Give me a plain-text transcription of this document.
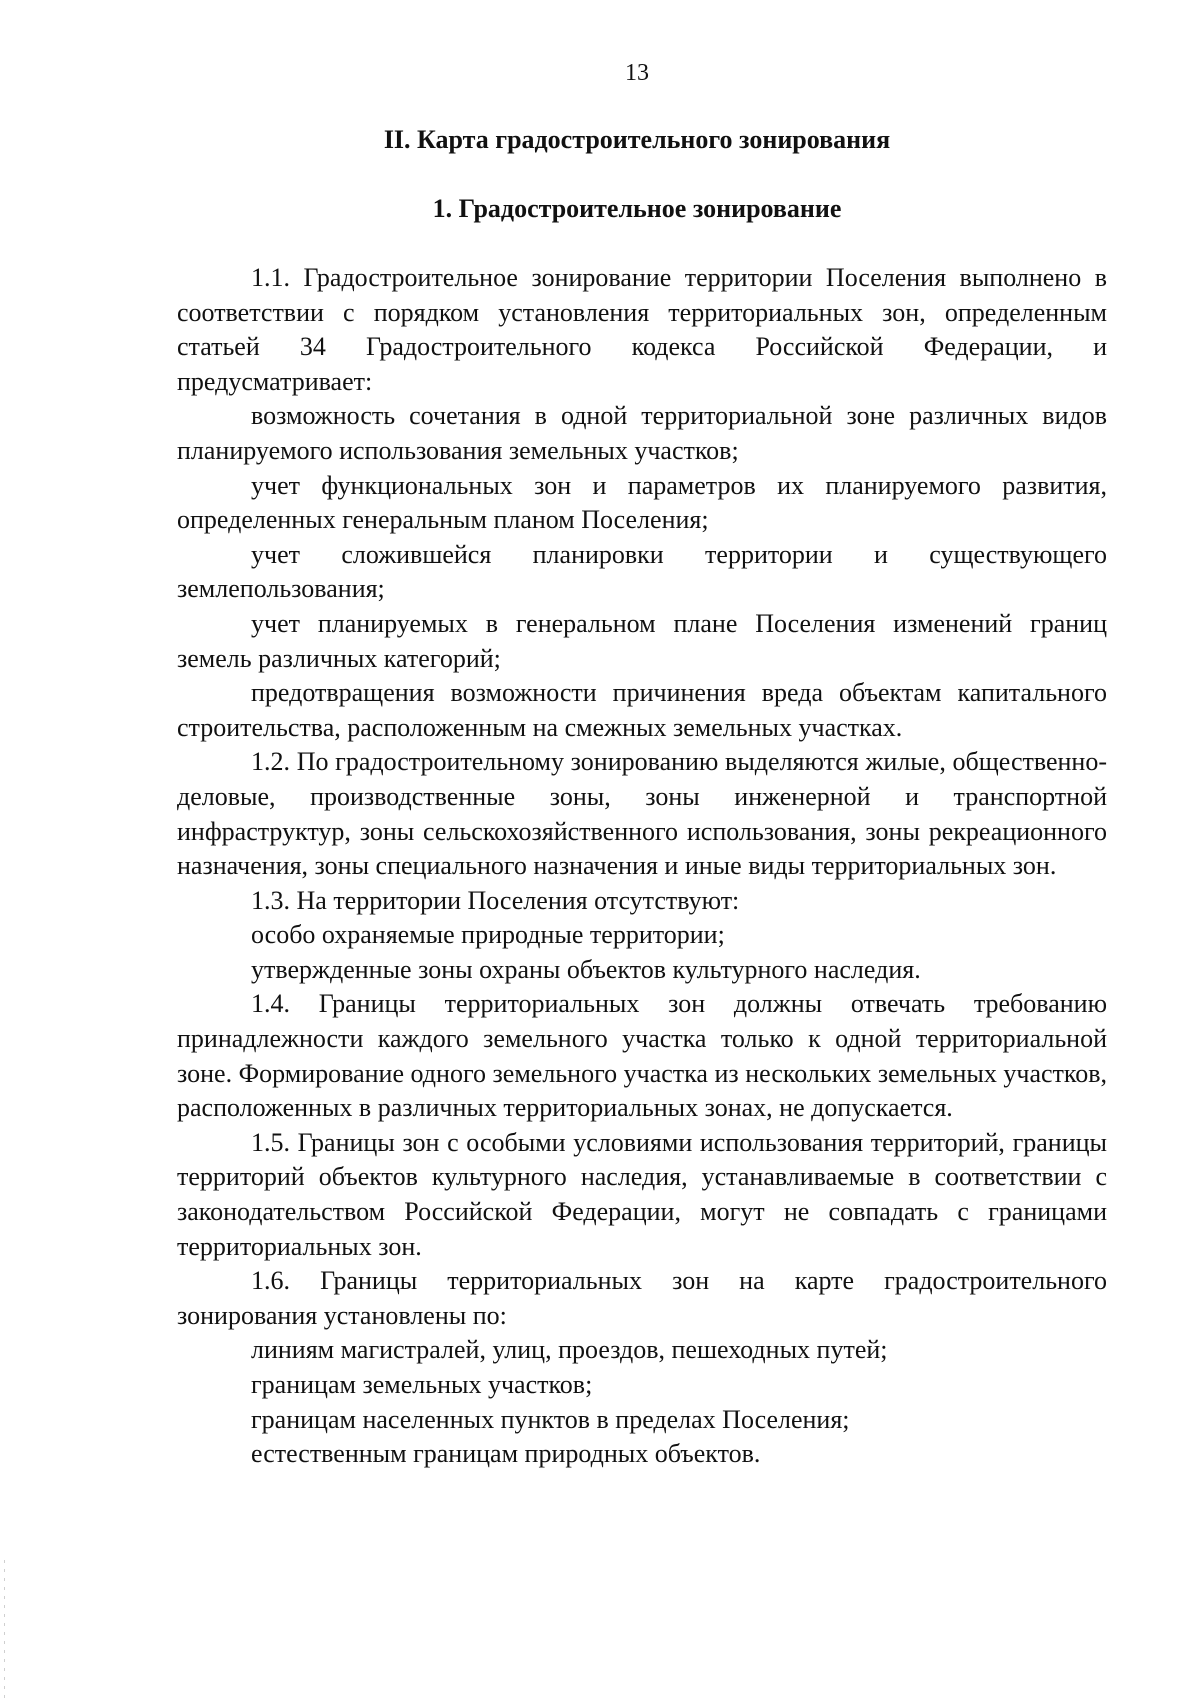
13
II. Карта градостроительного зонирования
1. Градостроительное зонирование

1.1. Градостроительное зонирование территории Поселения выполнено в соответствии с порядком установления территориальных зон, определенным статьей 34 Градостроительного кодекса Российской Федерации, и предусматривает:

возможность сочетания в одной территориальной зоне различных видов планируемого использования земельных участков;

учет функциональных зон и параметров их планируемого развития, определенных генеральным планом Поселения;

учет сложившейся планировки территории и существующего землепользования;

учет планируемых в генеральном плане Поселения изменений границ земель различных категорий;

предотвращения возможности причинения вреда объектам капитального строительства, расположенным на смежных земельных участках.

1.2. По градостроительному зонированию выделяются жилые, общественно-деловые, производственные зоны, зоны инженерной и транспортной инфраструктур, зоны сельскохозяйственного использования, зоны рекреационного назначения, зоны специального назначения и иные виды территориальных зон.

1.3. На территории Поселения отсутствуют:

особо охраняемые природные территории;

утвержденные зоны охраны объектов культурного наследия.

1.4. Границы территориальных зон должны отвечать требованию принадлежности каждого земельного участка только к одной территориальной зоне. Формирование одного земельного участка из нескольких земельных участков, расположенных в различных территориальных зонах, не допускается.

1.5. Границы зон с особыми условиями использования территорий, границы территорий объектов культурного наследия, устанавливаемые в соответствии с законодательством Российской Федерации, могут не совпадать с границами территориальных зон.

1.6. Границы территориальных зон на карте градостроительного зонирования установлены по:

линиям магистралей, улиц, проездов, пешеходных путей;

границам земельных участков;

границам населенных пунктов в пределах Поселения;

естественным границам природных объектов.
